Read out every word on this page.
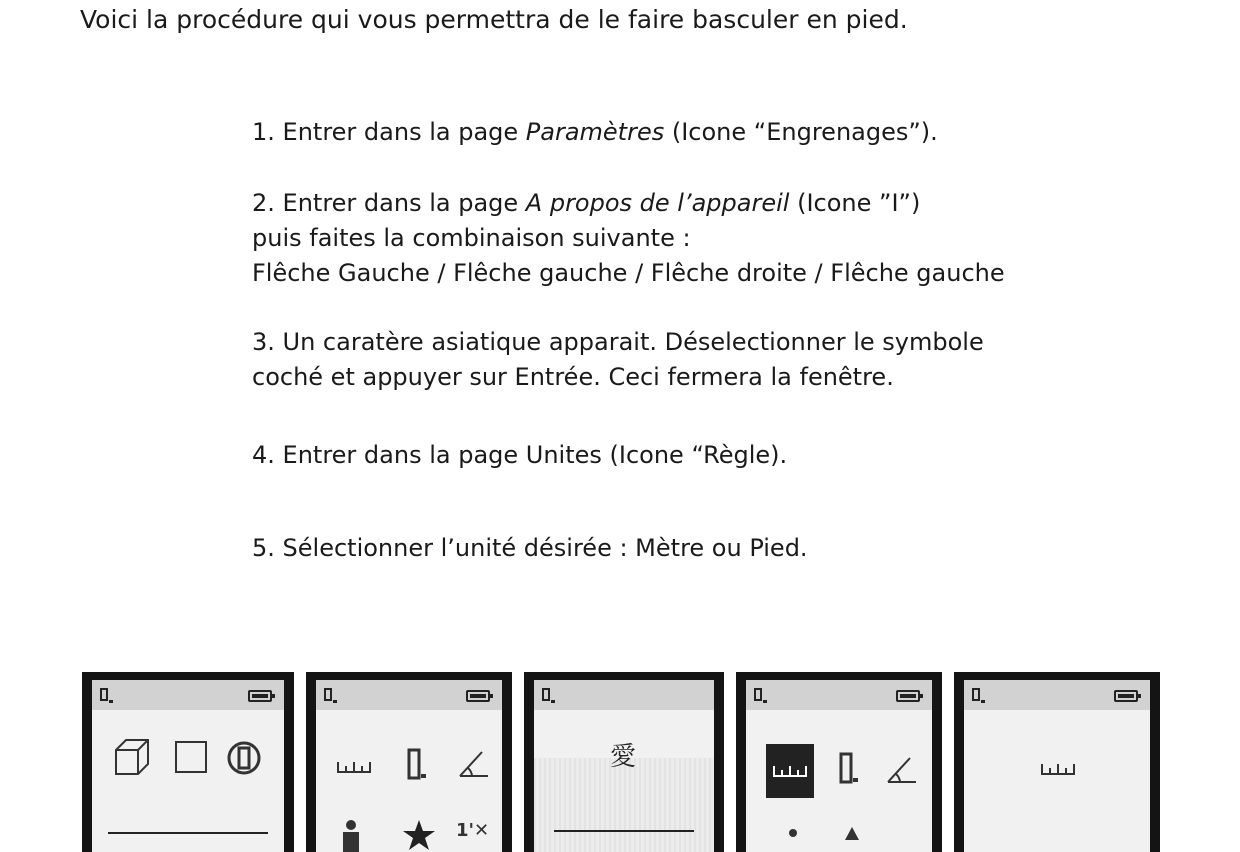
Voici la procédure qui vous permettra de le faire basculer en pied.
1. Entrer dans la page Paramètres (Icone “Engrenages”).
2. Entrer dans la page A propos de l’appareil (Icone ”I”)
puis faites la combinaison suivante :
Flêche Gauche / Flêche gauche / Flêche droite / Flêche gauche
3. Un caratère asiatique apparait. Déselectionner le symbole
coché et appuyer sur Entrée. Ceci fermera la fenêtre.
4. Entrer dans la page Unites (Icone “Règle).
5. Sélectionner l’unité désirée : Mètre ou Pied.
1'✕
愛
